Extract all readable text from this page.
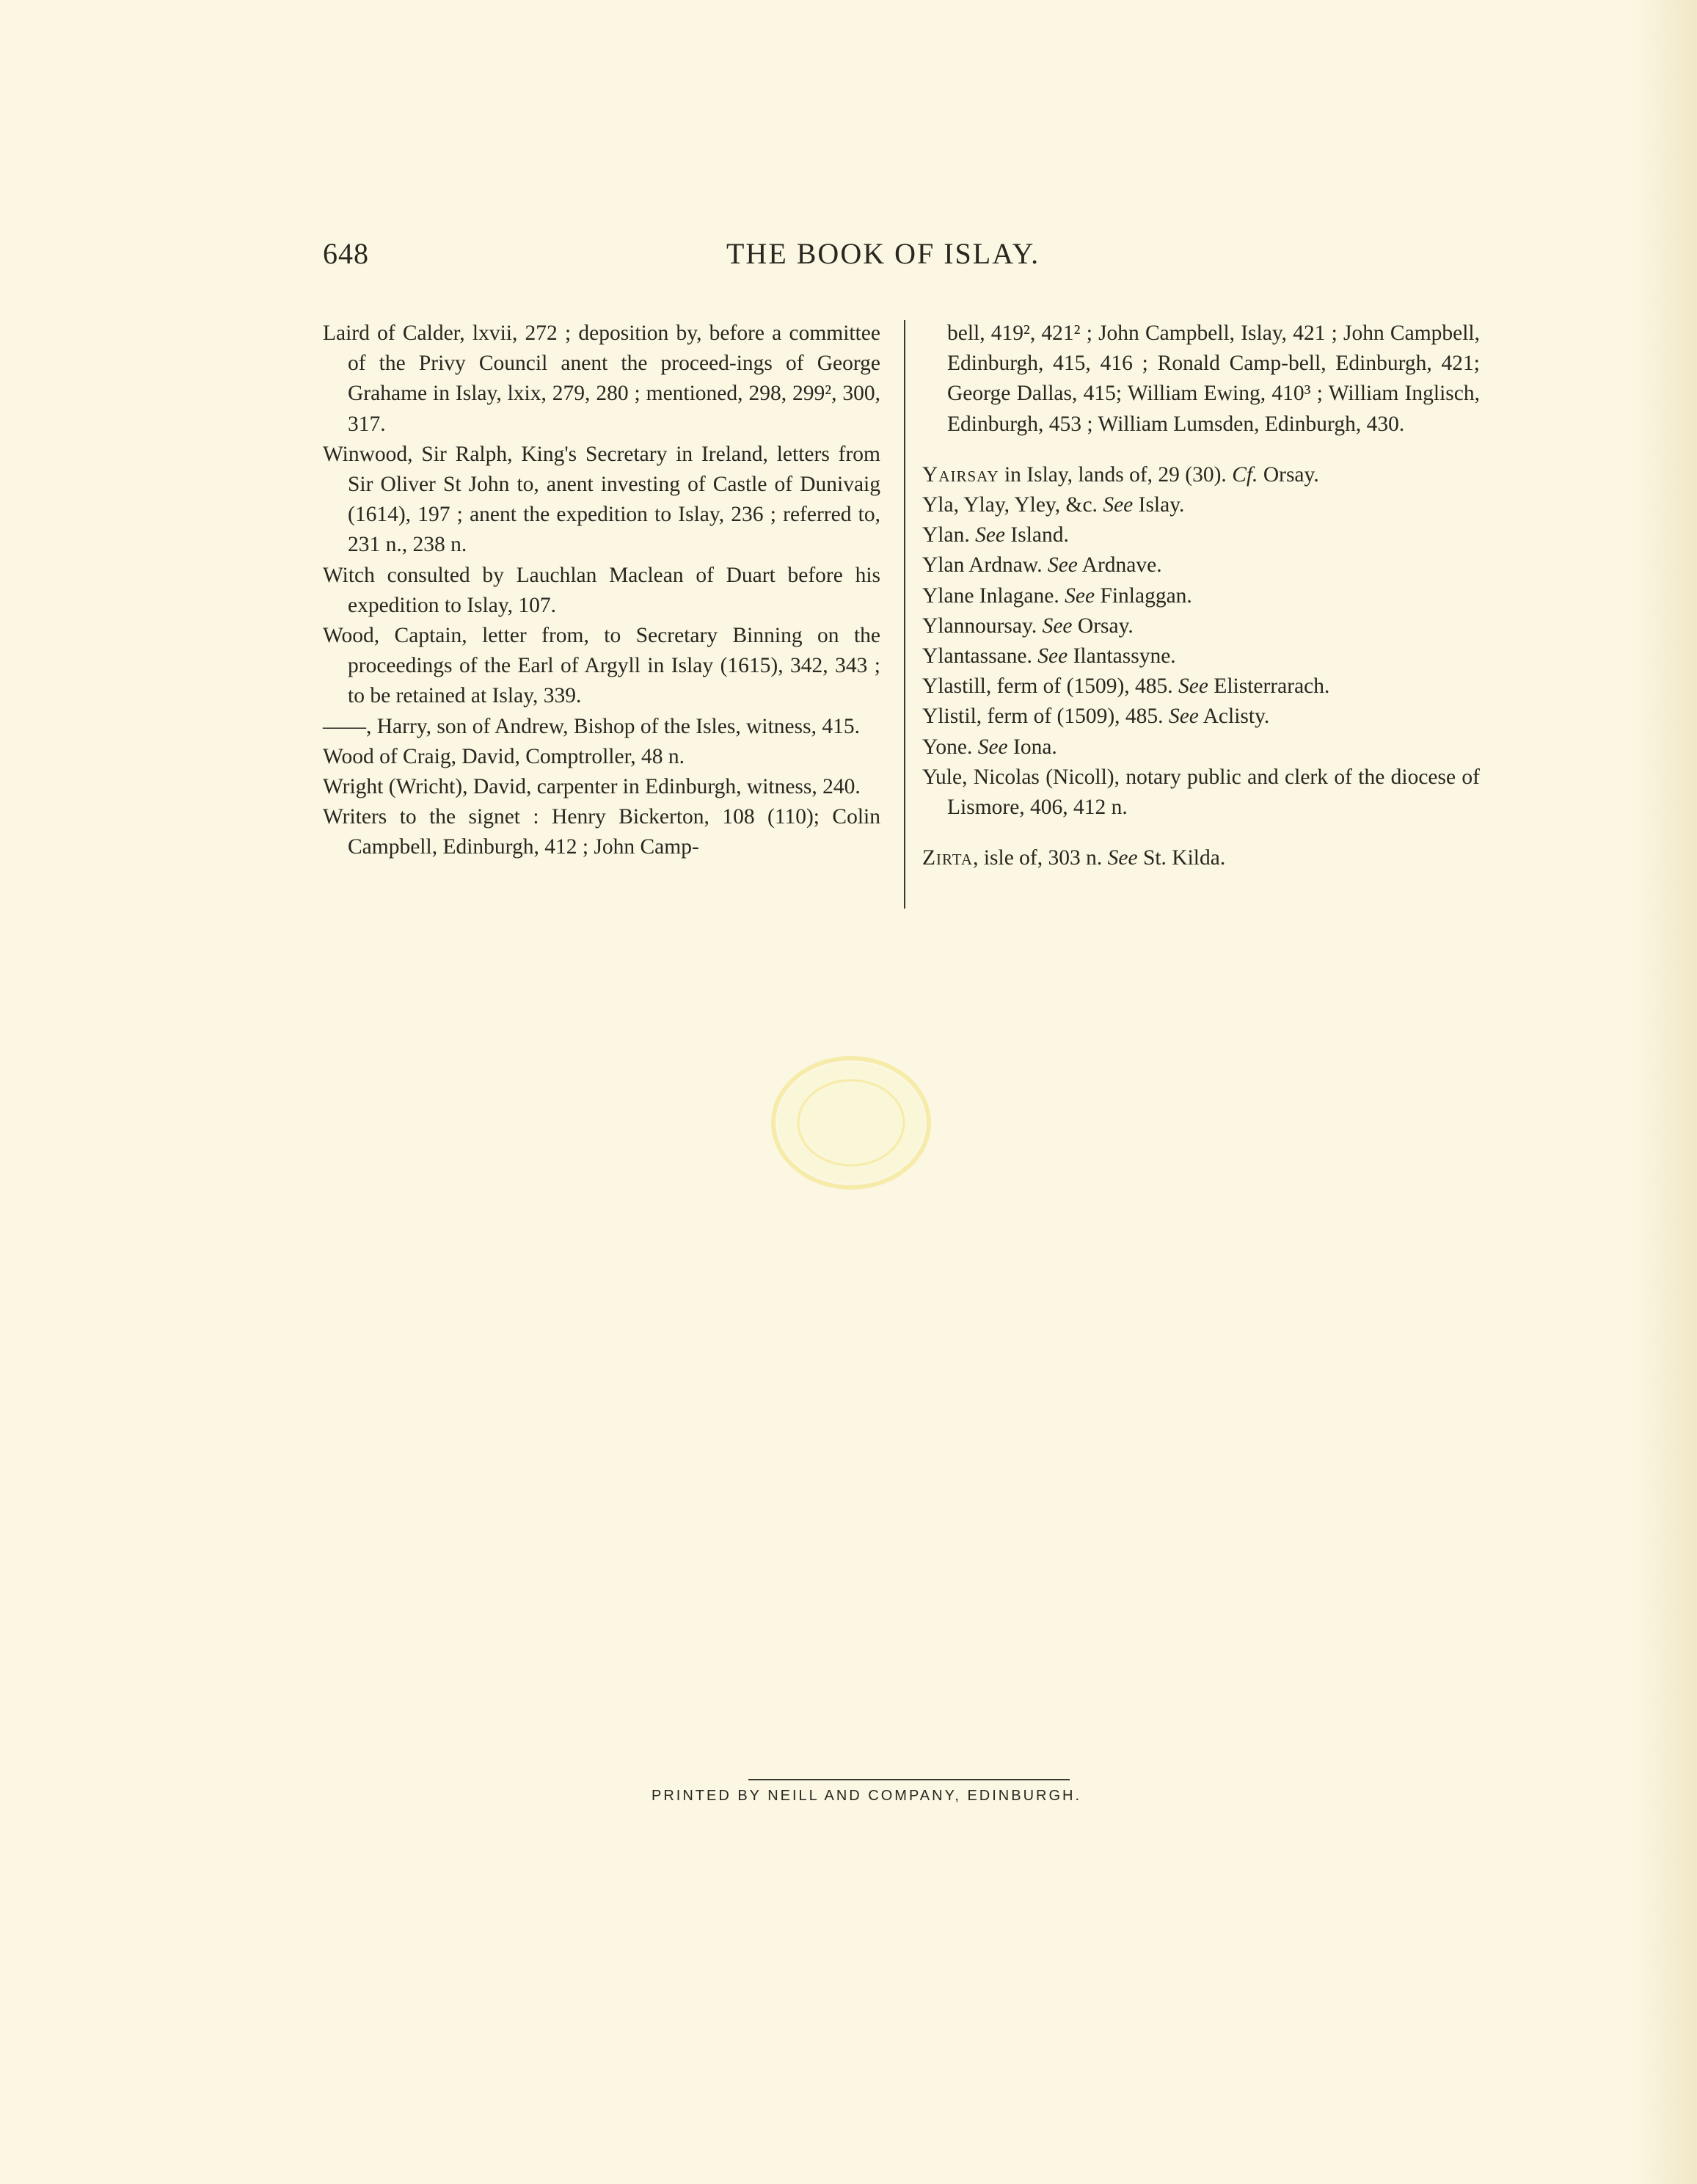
648	THE BOOK OF ISLAY.
Laird of Calder, lxvii, 272 ; deposition by, before a committee of the Privy Council anent the proceed-ings of George Grahame in Islay, lxix, 279, 280 ; mentioned, 298, 299², 300, 317.
Winwood, Sir Ralph, King's Secretary in Ireland, letters from Sir Oliver St John to, anent investing of Castle of Dunivaig (1614), 197 ; anent the expedition to Islay, 236 ; referred to, 231 n., 238 n.
Witch consulted by Lauchlan Maclean of Duart before his expedition to Islay, 107.
Wood, Captain, letter from, to Secretary Binning on the proceedings of the Earl of Argyll in Islay (1615), 342, 343 ; to be retained at Islay, 339.
——, Harry, son of Andrew, Bishop of the Isles, witness, 415.
Wood of Craig, David, Comptroller, 48 n.
Wright (Wricht), David, carpenter in Edinburgh, witness, 240.
Writers to the signet : Henry Bickerton, 108 (110); Colin Campbell, Edinburgh, 412 ; John Camp-
bell, 419², 421² ; John Campbell, Islay, 421 ; John Campbell, Edinburgh, 415, 416 ; Ronald Camp-bell, Edinburgh, 421; George Dallas, 415; William Ewing, 410³ ; William Inglisch, Edinburgh, 453 ; William Lumsden, Edinburgh, 430.
Yairsay in Islay, lands of, 29 (30). Cf. Orsay.
Yla, Ylay, Yley, &c. See Islay.
Ylan. See Island.
Ylan Ardnaw. See Ardnave.
Ylane Inlagane. See Finlaggan.
Ylannoursay. See Orsay.
Ylantassane. See Ilantassyne.
Ylastill, ferm of (1509), 485. See Elisterrarach.
Ylistil, ferm of (1509), 485. See Aclisty.
Yone. See Iona.
Yule, Nicolas (Nicoll), notary public and clerk of the diocese of Lismore, 406, 412 n.
Zirta, isle of, 303 n. See St. Kilda.
PRINTED BY NEILL AND COMPANY, EDINBURGH.
